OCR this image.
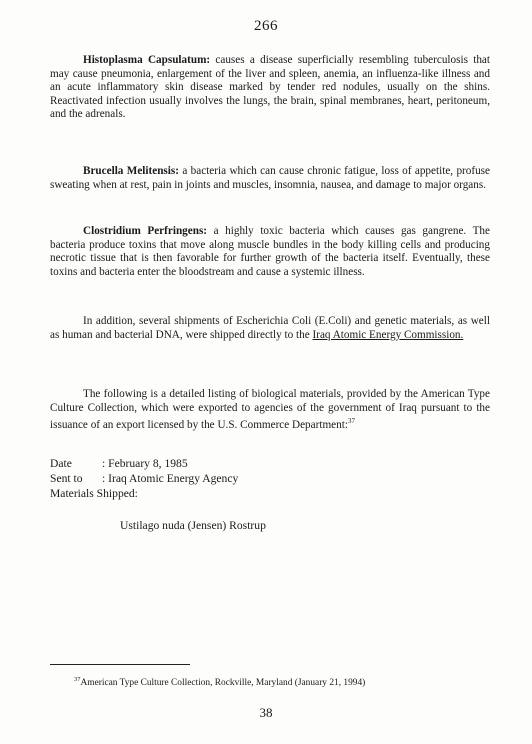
266

Histoplasma Capsulatum: causes a disease superficially resembling tuberculosis that may cause pneumonia, enlargement of the liver and spleen, anemia, an influenza-like illness and an acute inflammatory skin disease marked by tender red nodules, usually on the shins. Reactivated infection usually involves the lungs, the brain, spinal membranes, heart, peritoneum, and the adrenals.

Brucella Melitensis: a bacteria which can cause chronic fatigue, loss of appetite, profuse sweating when at rest, pain in joints and muscles, insomnia, nausea, and damage to major organs.

Clostridium Perfringens: a highly toxic bacteria which causes gas gangrene. The bacteria produce toxins that move along muscle bundles in the body killing cells and producing necrotic tissue that is then favorable for further growth of the bacteria itself. Eventually, these toxins and bacteria enter the bloodstream and cause a systemic illness.

In addition, several shipments of Escherichia Coli (E.Coli) and genetic materials, as well as human and bacterial DNA, were shipped directly to the Iraq Atomic Energy Commission.

The following is a detailed listing of biological materials, provided by the American Type Culture Collection, which were exported to agencies of the government of Iraq pursuant to the issuance of an export licensed by the U.S. Commerce Department:$^{37}$

Date	: February 8, 1985
Sent to : Iraq Atomic Energy Agency
Materials Shipped:
Ustilago nuda (Jensen) Rostrup
$^{37}$American Type Culture Collection, Rockville, Maryland (January 21, 1994)
38
